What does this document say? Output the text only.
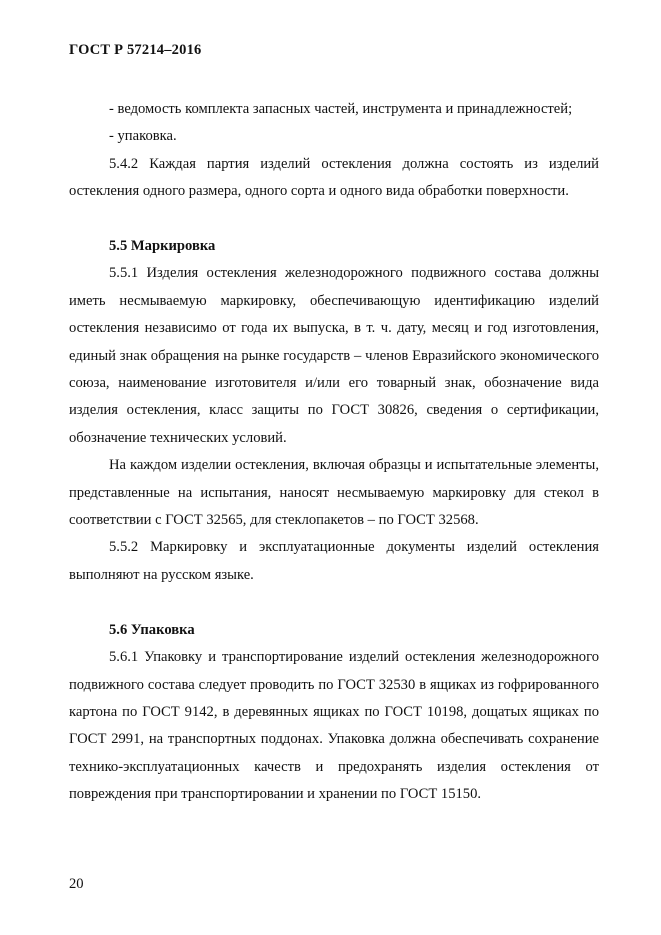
ГОСТ Р 57214–2016

- ведомость комплекта запасных частей, инструмента и принадлежностей;

- упаковка.

5.4.2 Каждая партия изделий остекления должна состоять из изделий остекления одного размера, одного сорта и одного вида обработки поверхности.

5.5 Маркировка

5.5.1 Изделия остекления железнодорожного подвижного состава должны иметь несмываемую маркировку, обеспечивающую идентификацию изделий остекления независимо от года их выпуска, в т. ч. дату, месяц и год изготовления, единый знак обращения на рынке государств – членов Евразийского экономического союза, наименование изготовителя и/или его товарный знак, обозначение вида изделия остекления, класс защиты по ГОСТ 30826, сведения о сертификации, обозначение технических условий.

На каждом изделии остекления, включая образцы и испытательные элементы, представленные на испытания, наносят несмываемую маркировку для стекол в соответствии с ГОСТ 32565, для стеклопакетов – по ГОСТ 32568.

5.5.2 Маркировку и эксплуатационные документы изделий остекления выполняют на русском языке.

5.6 Упаковка

5.6.1 Упаковку и транспортирование изделий остекления железнодорожного подвижного состава следует проводить по ГОСТ 32530 в ящиках из гофрированного картона по ГОСТ 9142, в деревянных ящиках по ГОСТ 10198, дощатых ящиках по ГОСТ 2991, на транспортных поддонах. Упаковка должна обеспечивать сохранение технико-эксплуатационных качеств и предохранять изделия остекления от повреждения при транспортировании и хранении по ГОСТ 15150.

20
